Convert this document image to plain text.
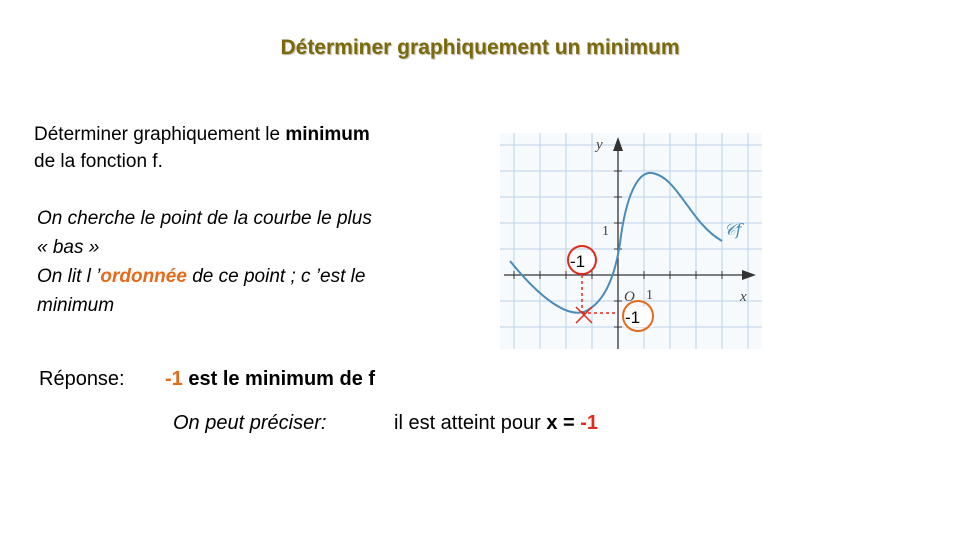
Déterminer graphiquement un minimum
Déterminer graphiquement le minimum
de la fonction f.
On cherche le point de la courbe le plus
« bas »
On lit l ’ordonnée de ce point ; c ’est le
minimum
Réponse: -1 est le minimum de f
On peut préciser:	il est atteint pour x = -1
y
x
O 1
1	𝒞f
-1
-1
